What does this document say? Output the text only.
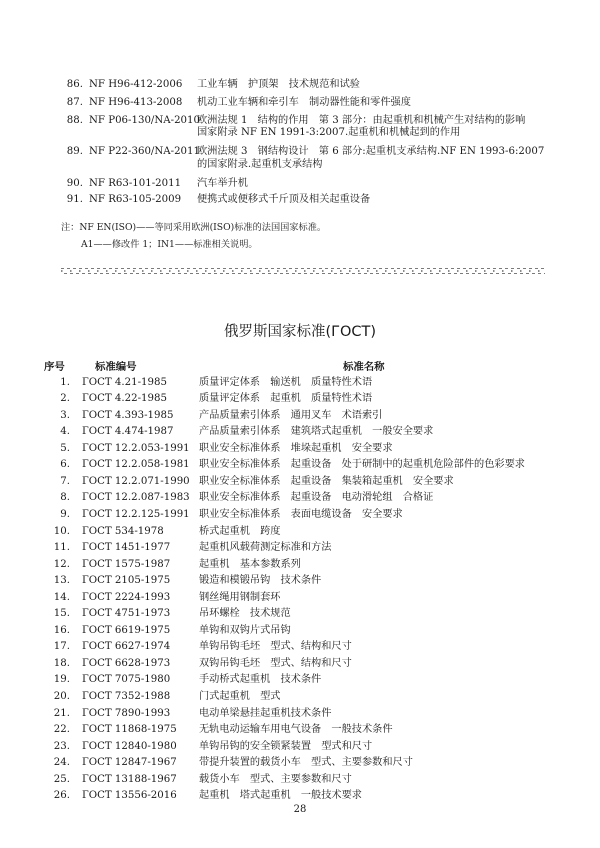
86. NF H96-412-2006 工业车辆　护顶架　技术规范和试验
87. NF H96-413-2008 机动工业车辆和牵引车　制动器性能和零件强度
88. NF P06-130/NA-2010
欧洲法规 1　结构的作用　第 3 部分：由起重机和机械产生对结构的影响
国家附录 NF EN 1991-3:2007.起重机和机械起到的作用
89. NF P22-360/NA-2011
欧洲法规 3　钢结构设计　第 6 部分:起重机支承结构.NF EN 1993-6:2007
的国家附录.起重机支承结构
90. NF R63-101-2011 汽车举升机
91. NF R63-105-2009 便携式或便移式千斤顶及相关起重设备
注：NF EN(ISO)——等同采用欧洲(ISO)标准的法国国家标准。
A1——修改件 1；IN1——标准相关说明。
俄罗斯国家标准(ГОСТ)
序号	标准编号	标准名称
1. ГОСТ 4.21-1985	质量评定体系　输送机　质量特性术语
2. ГОСТ 4.22-1985	质量评定体系　起重机　质量特性术语
3. ГОСТ 4.393-1985	产品质量索引体系　通用叉车　术语索引
4. ГОСТ 4.474-1987	产品质量索引体系　建筑塔式起重机　一般安全要求
5. ГОСТ 12.2.053-1991 职业安全标准体系　堆垛起重机　安全要求
6. ГОСТ 12.2.058-1981 职业安全标准体系　起重设备　处于研制中的起重机危险部件的色彩要求
7. ГОСТ 12.2.071-1990 职业安全标准体系　起重设备　集装箱起重机　安全要求
8. ГОСТ 12.2.087-1983 职业安全标准体系　起重设备　电动滑轮组　合格证
9. ГОСТ 12.2.125-1991 职业安全标准体系　表面电缆设备　安全要求
10. ГОСТ 534-1978	桥式起重机　跨度
11. ГОСТ 1451-1977	起重机风载荷测定标准和方法
12. ГОСТ 1575-1987	起重机　基本参数系列
13. ГОСТ 2105-1975	锻造和模锻吊钩　技术条件
14. ГОСТ 2224-1993	钢丝绳用钢制套环
15. ГОСТ 4751-1973	吊环螺栓　技术规范
16. ГОСТ 6619-1975	单钩和双钩片式吊钩
17. ГОСТ 6627-1974	单钩吊钩毛坯　型式、结构和尺寸
18. ГОСТ 6628-1973	双钩吊钩毛坯　型式、结构和尺寸
19. ГОСТ 7075-1980	手动桥式起重机　技术条件
20. ГОСТ 7352-1988	门式起重机　型式
21. ГОСТ 7890-1993	电动单梁悬挂起重机技术条件
22. ГОСТ 11868-1975 无轨电动运输车用电气设备　一般技术条件
23. ГОСТ 12840-1980 单钩吊钩的安全锁紧装置　型式和尺寸
24. ГОСТ 12847-1967 带提升装置的载货小车　型式、主要参数和尺寸
25. ГОСТ 13188-1967 载货小车　型式、主要参数和尺寸
26. ГОСТ 13556-2016 起重机　塔式起重机　一般技术要求
28
